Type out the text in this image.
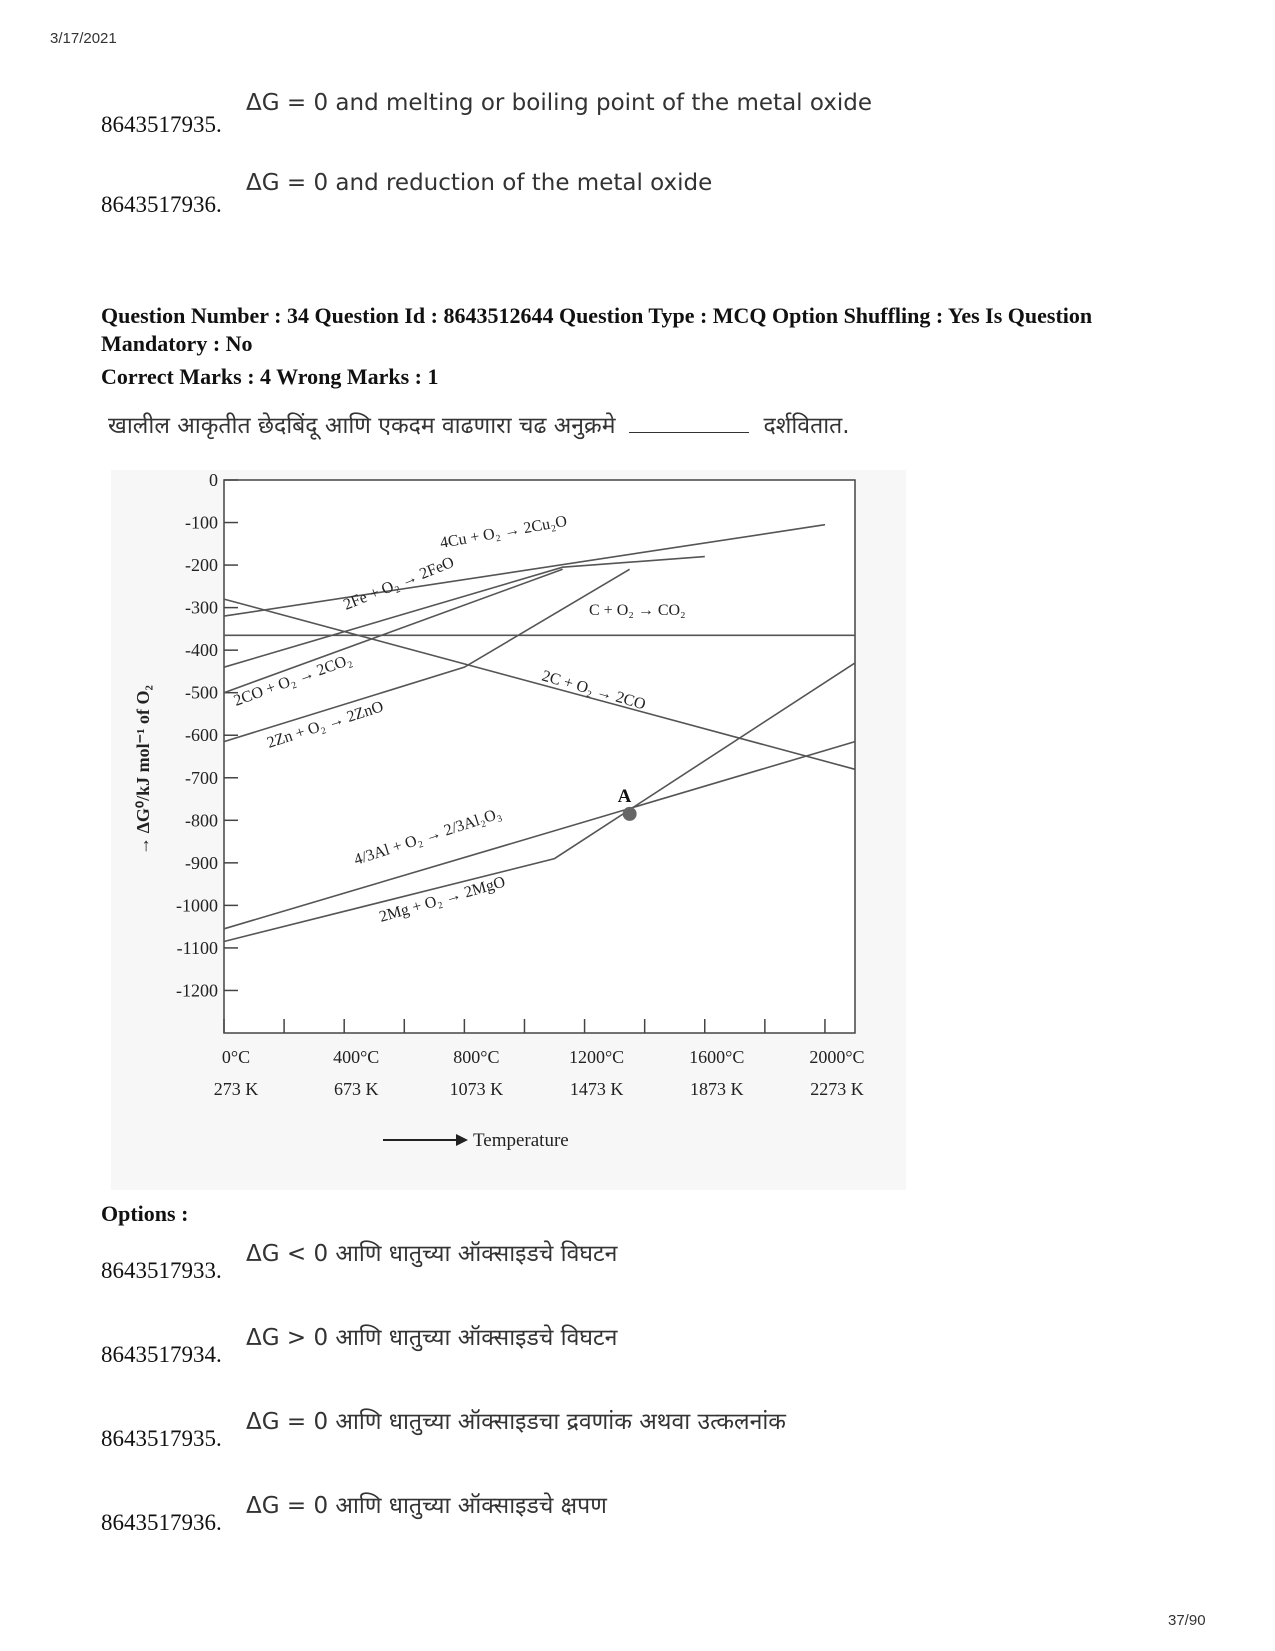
3/17/2021
8643517935.
ΔG = 0 and melting or boiling point of the metal oxide
8643517936.
ΔG = 0 and reduction of the metal oxide
Question Number : 34 Question Id : 8643512644 Question Type : MCQ Option Shuffling : Yes Is Question Mandatory : No
Correct Marks : 4 Wrong Marks : 1
खालील आकृतीत छेदबिंदू आणि एकदम वाढणारा चढ अनुक्रमे	दर्शवितात.
0
-100
-200
-300
-400
-500
-600
-700
-800
-900
-1000
-1100
-1200
0°C
273 K
400°C
673 K
800°C
1073 K
1200°C
1473 K
1600°C
1873 K
2000°C
2273 K
4Cu + O₂ → 2Cu₂O
2Fe + O₂ → 2FeO	C + O₂ → CO₂
2C + O₂ → 2CO
2CO + O₂ → 2CO₂
2Zn + O₂ → 2ZnO
4/3Al + O₂ → 2/3Al₂O₃
2Mg + O₂ → 2MgO
A
→ ΔG⁰/kJ mol⁻¹ of O₂
Temperature
Options :
8643517933.
ΔG < 0 आणि धातुच्या ऑक्साइडचे विघटन
8643517934.
ΔG > 0 आणि धातुच्या ऑक्साइडचे विघटन
8643517935.
ΔG = 0 आणि धातुच्या ऑक्साइडचा द्रवणांक अथवा उत्कलनांक
8643517936.
ΔG = 0 आणि धातुच्या ऑक्साइडचे क्षपण
37/90
